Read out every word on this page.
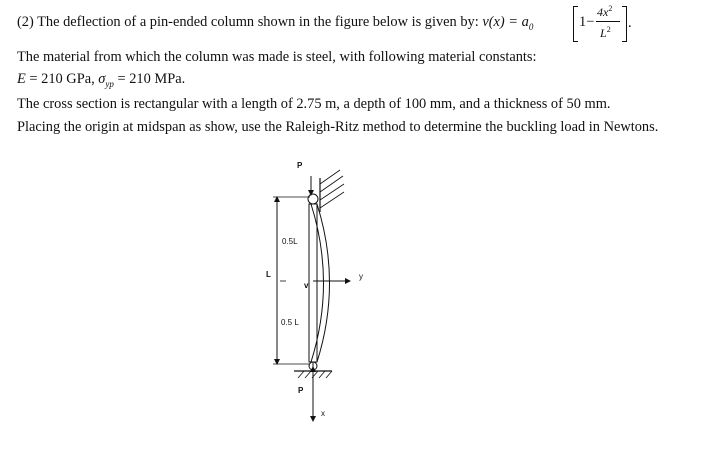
(2) The deflection of a pin-ended column shown in the figure below is given by: $v(x) = a_0$	1−
$4x^2$
$L^2$ .
The material from which the column was made is steel, with following material constants:
E = 210 GPa, $\sigma_{yp} = 210$ MPa.
The cross section is rectangular with a length of 2.75 m, a depth of 100 mm, and a thickness of 50 mm.
Placing the origin at midspan as show, use the Raleigh-Ritz method to determine the buckling load in Newtons.
P
L
0.5L
0.5 L
v
y
P
x
